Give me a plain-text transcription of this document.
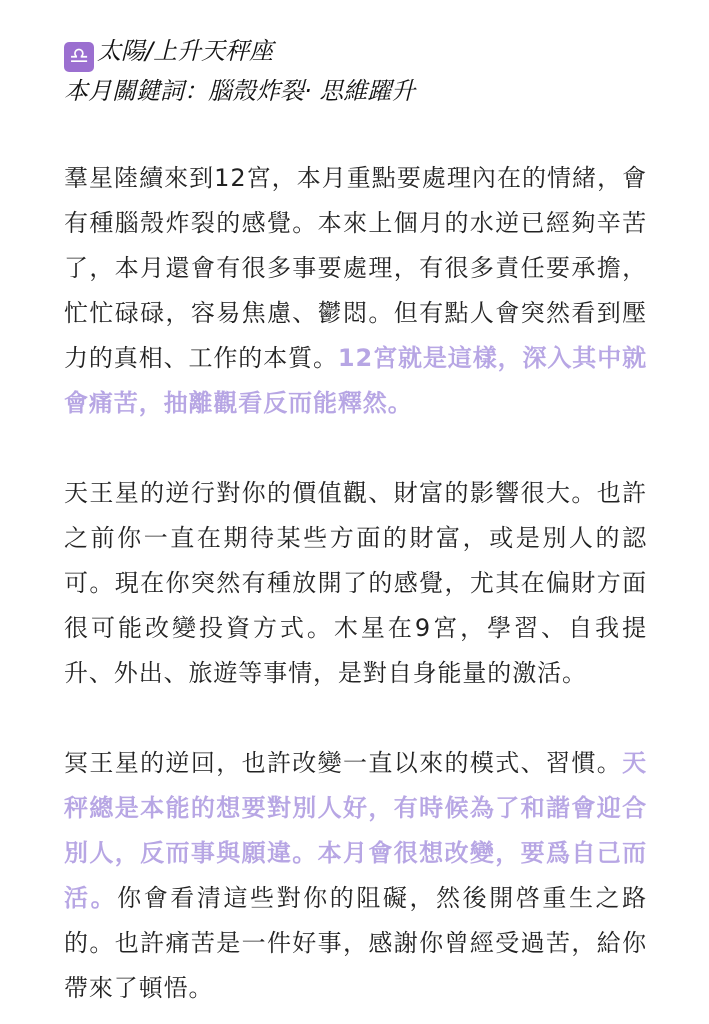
♎ 太陽/上升天秤座
本月關鍵詞：腦殼炸裂· 思維躍升

羣星陸續來到12宮，本月重點要處理內在的情緒，會有種腦殼炸裂的感覺。本來上個月的水逆已經夠辛苦了，本月還會有很多事要處理，有很多責任要承擔，忙忙碌碌，容易焦慮、鬱悶。但有點人會突然看到壓力的真相、工作的本質。12宮就是這樣，深入其中就會痛苦，抽離觀看反而能釋然。

天王星的逆行對你的價值觀、財富的影響很大。也許之前你一直在期待某些方面的財富，或是別人的認可。現在你突然有種放開了的感覺，尤其在偏財方面很可能改變投資方式。木星在9宮，學習、自我提升、外出、旅遊等事情，是對自身能量的激活。

冥王星的逆回，也許改變一直以來的模式、習慣。天秤總是本能的想要對別人好，有時候為了和諧會迎合別人，反而事與願違。本月會很想改變，要爲自己而活。你會看清這些對你的阻礙，然後開啓重生之路的。也許痛苦是一件好事，感謝你曾經受過苦，給你帶來了頓悟。
